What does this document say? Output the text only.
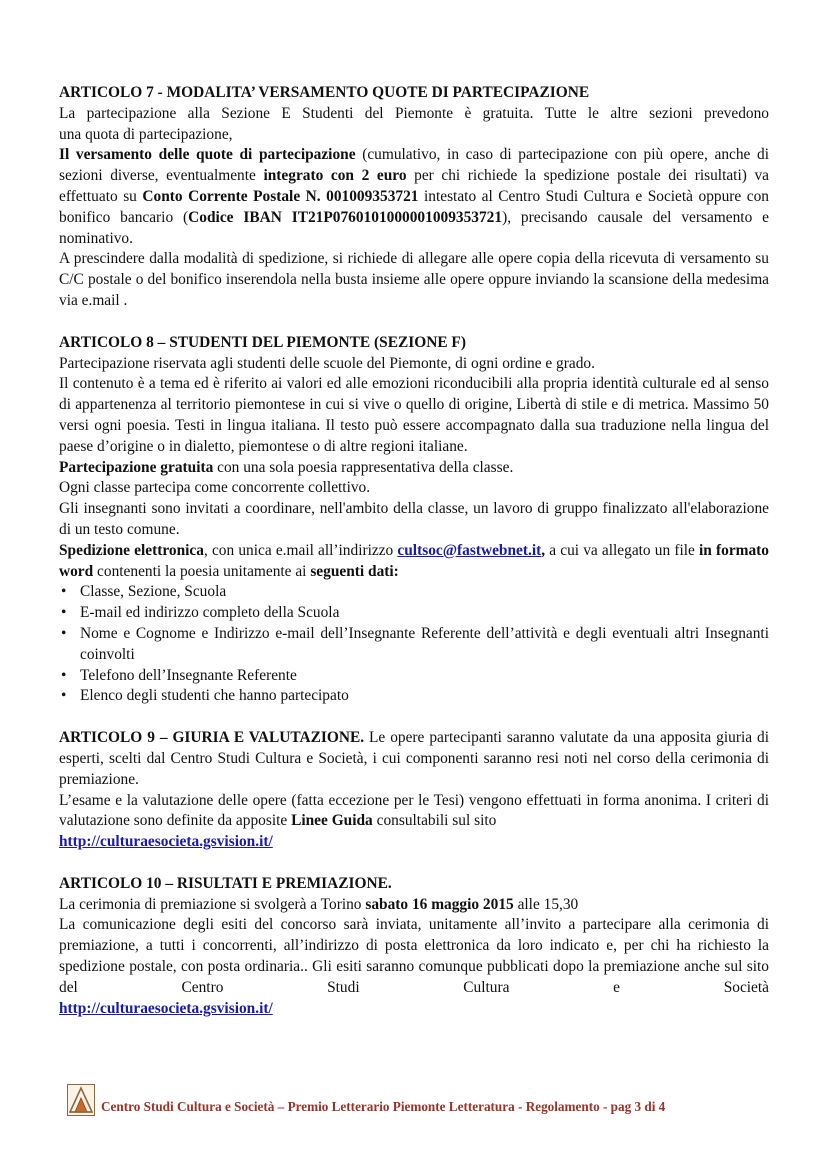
ARTICOLO 7 - MODALITA’ VERSAMENTO QUOTE DI PARTECIPAZIONE

La partecipazione alla Sezione E Studenti del Piemonte è gratuita. Tutte le altre sezioni prevedono

una quota di partecipazione,

Il versamento delle quote di partecipazione (cumulativo, in caso di partecipazione con più opere, anche di sezioni diverse, eventualmente integrato con 2 euro per chi richiede la spedizione postale dei risultati) va effettuato su Conto Corrente Postale N. 001009353721 intestato al Centro Studi Cultura e Società oppure con bonifico bancario (Codice IBAN IT21P0760101000001009353721), precisando causale del versamento e nominativo.

A prescindere dalla modalità di spedizione, si richiede di allegare alle opere copia della ricevuta di versamento su C/C postale o del bonifico inserendola nella busta insieme alle opere oppure inviando la scansione della medesima via e.mail .

ARTICOLO 8 – STUDENTI DEL PIEMONTE (SEZIONE F)

Partecipazione riservata agli studenti delle scuole del Piemonte, di ogni ordine e grado.

Il contenuto è a tema ed è riferito ai valori ed alle emozioni riconducibili alla propria identità culturale ed al senso di appartenenza al territorio piemontese in cui si vive o quello di origine, Libertà di stile e di metrica. Massimo 50 versi ogni poesia. Testi in lingua italiana. Il testo può essere accompagnato dalla sua traduzione nella lingua del paese d’origine o in dialetto, piemontese o di altre regioni italiane.

Partecipazione gratuita con una sola poesia rappresentativa della classe.

Ogni classe partecipa come concorrente collettivo.

Gli insegnanti sono invitati a coordinare, nell'ambito della classe, un lavoro di gruppo finalizzato all'elaborazione di un testo comune.

Spedizione elettronica, con unica e.mail all’indirizzo cultsoc@fastwebnet.it, a cui va allegato un file in formato word contenenti la poesia unitamente ai seguenti dati:

• Classe, Sezione, Scuola
• E-mail ed indirizzo completo della Scuola
• Nome e Cognome e Indirizzo e-mail dell’Insegnante Referente dell’attività e degli eventuali altri Insegnanti coinvolti
• Telefono dell’Insegnante Referente
• Elenco degli studenti che hanno partecipato

ARTICOLO 9 – GIURIA E VALUTAZIONE. Le opere partecipanti saranno valutate da una apposita giuria di esperti, scelti dal Centro Studi Cultura e Società, i cui componenti saranno resi noti nel corso della cerimonia di premiazione.

L’esame e la valutazione delle opere (fatta eccezione per le Tesi) vengono effettuati in forma anonima. I criteri di valutazione sono definite da apposite Linee Guida consultabili sul sito

http://culturaesocieta.gsvision.it/

ARTICOLO 10 – RISULTATI E PREMIAZIONE.

La cerimonia di premiazione si svolgerà a Torino sabato 16 maggio 2015 alle 15,30

La comunicazione degli esiti del concorso sarà inviata, unitamente all’invito a partecipare alla cerimonia di premiazione, a tutti i concorrenti, all’indirizzo di posta elettronica da loro indicato e, per chi ha richiesto la spedizione postale, con posta ordinaria.. Gli esiti saranno comunque pubblicati dopo la premiazione anche sul sito del Centro Studi Cultura e Società

http://culturaesocieta.gsvision.it/

Centro Studi Cultura e Società – Premio Letterario Piemonte Letteratura - Regolamento - pag 3 di 4
